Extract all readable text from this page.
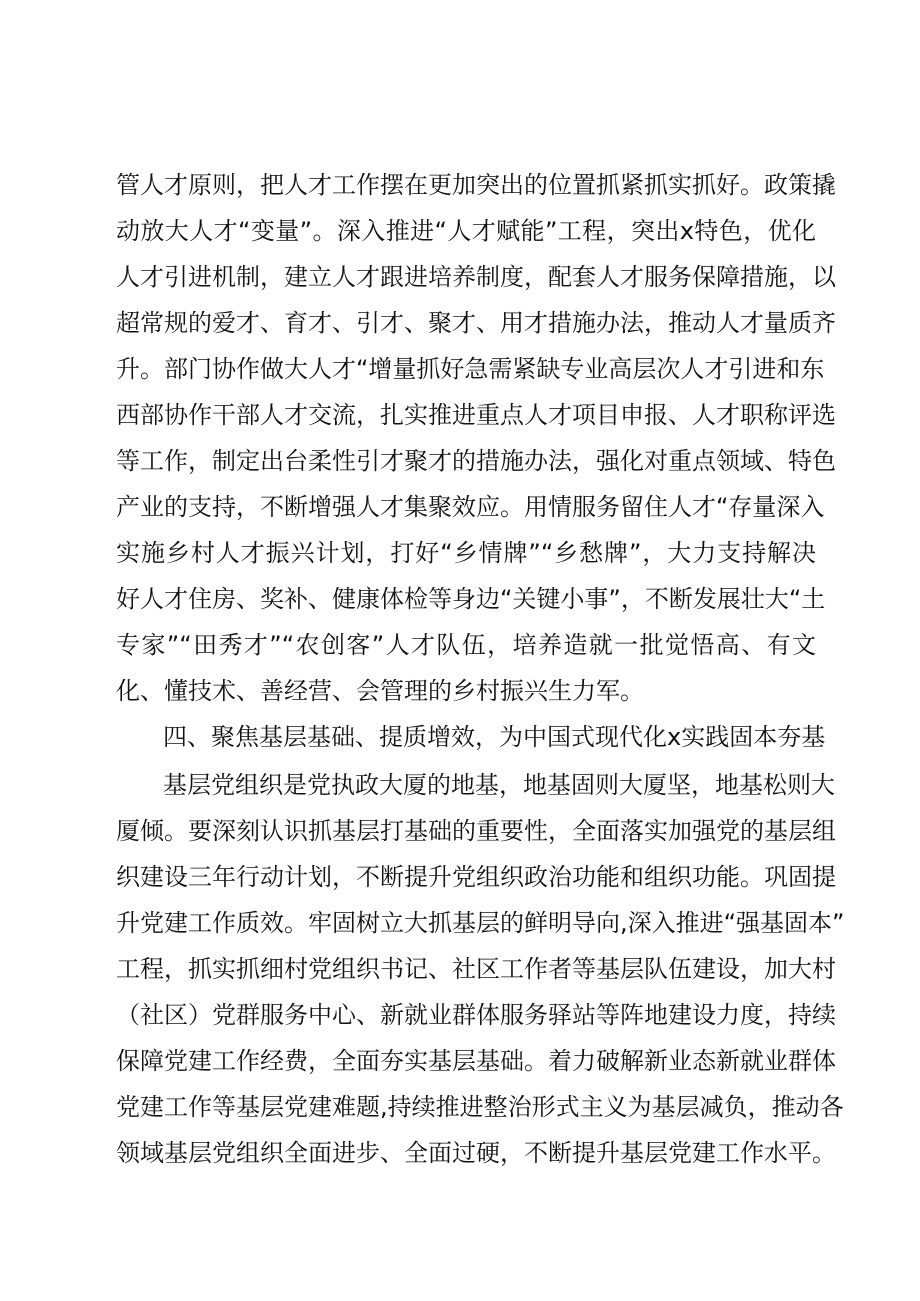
管人才原则，把人才工作摆在更加突出的位置抓紧抓实抓好。政策撬
动放大人才“变量”。深入推进“人才赋能”工程，突出x特色，优化
人才引进机制，建立人才跟进培养制度，配套人才服务保障措施，以
超常规的爱才、育才、引才、聚才、用才措施办法，推动人才量质齐
升。部门协作做大人才“增量抓好急需紧缺专业高层次人才引进和东
西部协作干部人才交流，扎实推进重点人才项目申报、人才职称评选
等工作，制定出台柔性引才聚才的措施办法，强化对重点领域、特色
产业的支持，不断增强人才集聚效应。用情服务留住人才“存量深入
实施乡村人才振兴计划，打好“乡情牌”“乡愁牌”，大力支持解决
好人才住房、奖补、健康体检等身边“关键小事”，不断发展壮大“土
专家”“田秀才”“农创客”人才队伍，培养造就一批觉悟高、有文
化、懂技术、善经营、会管理的乡村振兴生力军。
四、聚焦基层基础、提质增效，为中国式现代化x实践固本夯基
基层党组织是党执政大厦的地基，地基固则大厦坚，地基松则大
厦倾。要深刻认识抓基层打基础的重要性，全面落实加强党的基层组
织建设三年行动计划，不断提升党组织政治功能和组织功能。巩固提
升党建工作质效。牢固树立大抓基层的鲜明导向,深入推进“强基固本”
工程，抓实抓细村党组织书记、社区工作者等基层队伍建设，加大村
（社区）党群服务中心、新就业群体服务驿站等阵地建设力度，持续
保障党建工作经费，全面夯实基层基础。着力破解新业态新就业群体
党建工作等基层党建难题,持续推进整治形式主义为基层减负，推动各
领域基层党组织全面进步、全面过硬，不断提升基层党建工作水平。
